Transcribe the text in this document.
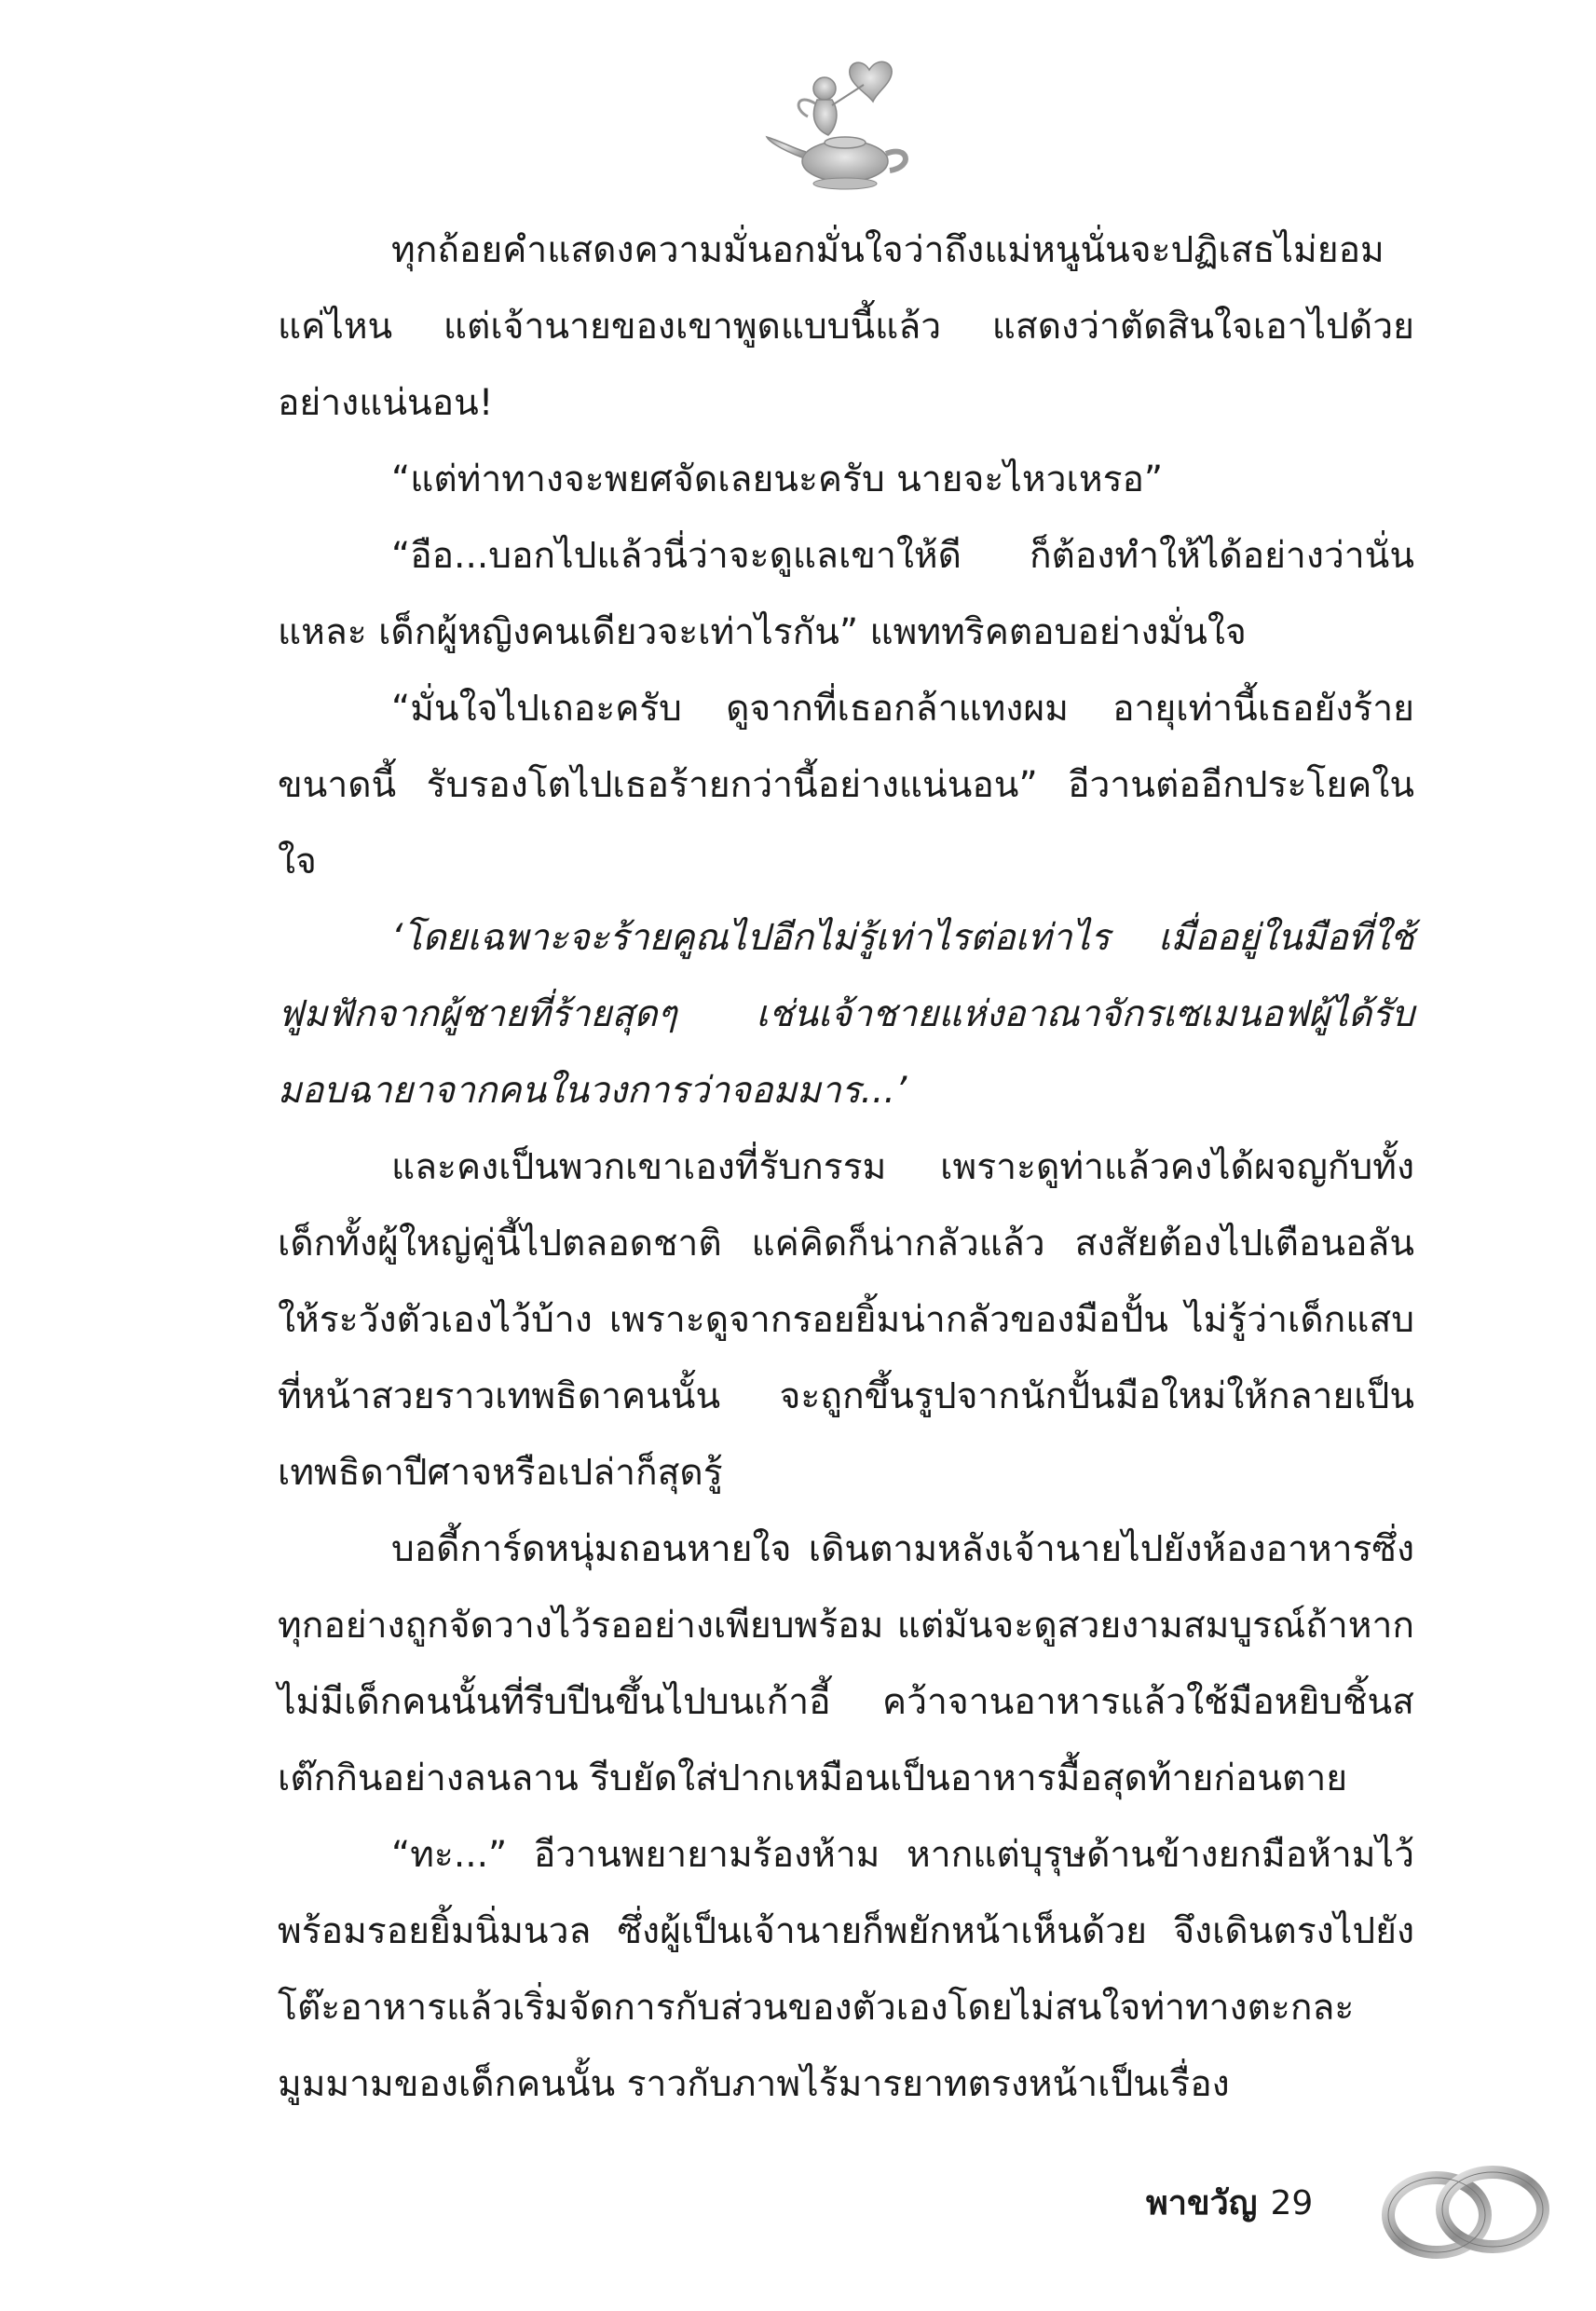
ทุกถ้อยคำแสดงความมั่นอกมั่นใจว่าถึงแม่หนูนั่นจะปฏิเสธไม่ยอมแค่ไหน แต่เจ้านายของเขาพูดแบบนี้แล้ว แสดงว่าตัดสินใจเอาไปด้วยอย่างแน่นอน!

“แต่ท่าทางจะพยศจัดเลยนะครับ นายจะไหวเหรอ”

“อือ...บอกไปแล้วนี่ว่าจะดูแลเขาให้ดี ก็ต้องทำให้ได้อย่างว่านั่นแหละ เด็กผู้หญิงคนเดียวจะเท่าไรกัน” แพททริคตอบอย่างมั่นใจ

“มั่นใจไปเถอะครับ ดูจากที่เธอกล้าแทงผม อายุเท่านี้เธอยังร้ายขนาดนี้ รับรองโตไปเธอร้ายกว่านี้อย่างแน่นอน” อีวานต่ออีกประโยคในใจ

‘โดยเฉพาะจะร้ายคูณไปอีกไม่รู้เท่าไรต่อเท่าไร เมื่ออยู่ในมือที่ใช้ฟูมฟักจากผู้ชายที่ร้ายสุดๆ เช่นเจ้าชายแห่งอาณาจักรเซเมนอฟผู้ได้รับมอบฉายาจากคนในวงการว่าจอมมาร...’

และคงเป็นพวกเขาเองที่รับกรรม เพราะดูท่าแล้วคงได้ผจญกับทั้งเด็กทั้งผู้ใหญ่คู่นี้ไปตลอดชาติ แค่คิดก็น่ากลัวแล้ว สงสัยต้องไปเตือนอลันให้ระวังตัวเองไว้บ้าง เพราะดูจากรอยยิ้มน่ากลัวของมือปั้น ไม่รู้ว่าเด็กแสบที่หน้าสวยราวเทพธิดาคนนั้น จะถูกขึ้นรูปจากนักปั้นมือใหม่ให้กลายเป็นเทพธิดาปีศาจหรือเปล่าก็สุดรู้

บอดี้การ์ดหนุ่มถอนหายใจ เดินตามหลังเจ้านายไปยังห้องอาหารซึ่งทุกอย่างถูกจัดวางไว้รออย่างเพียบพร้อม แต่มันจะดูสวยงามสมบูรณ์ถ้าหากไม่มีเด็กคนนั้นที่รีบปีนขึ้นไปบนเก้าอี้ คว้าจานอาหารแล้วใช้มือหยิบชิ้นสเต๊กกินอย่างลนลาน รีบยัดใส่ปากเหมือนเป็นอาหารมื้อสุดท้ายก่อนตาย

“ทะ...” อีวานพยายามร้องห้าม หากแต่บุรุษด้านข้างยกมือห้ามไว้พร้อมรอยยิ้มนิ่มนวล ซึ่งผู้เป็นเจ้านายก็พยักหน้าเห็นด้วย จึงเดินตรงไปยังโต๊ะอาหารแล้วเริ่มจัดการกับส่วนของตัวเองโดยไม่สนใจท่าทางตะกละมูมมามของเด็กคนนั้น ราวกับภาพไร้มารยาทตรงหน้าเป็นเรื่อง

พาขวัญ 29
